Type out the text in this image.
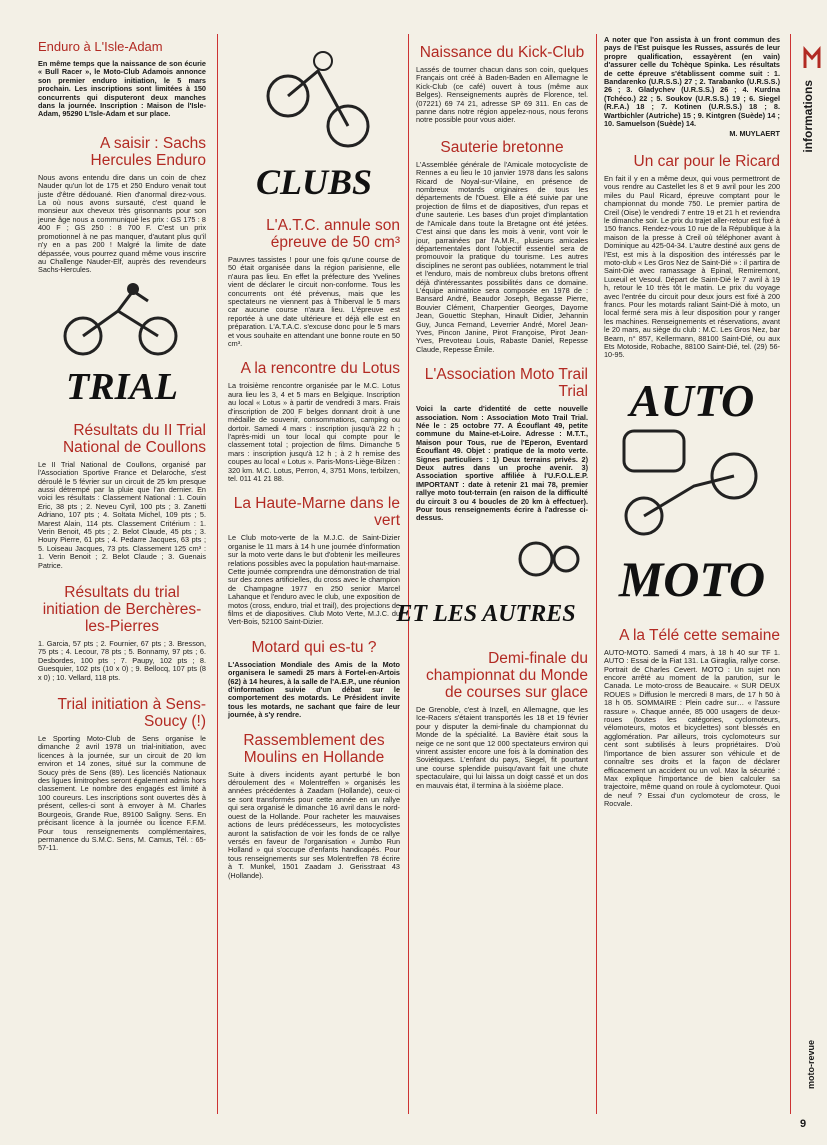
Enduro à L'Isle-Adam

En même temps que la naissance de son écurie « Bull Racer », le Moto-Club Adamois annonce son premier enduro initiation, le 5 mars prochain. Les inscriptions sont limitées à 150 concurrents qui disputeront deux manches dans la journée. Inscription : Maison de l'Isle-Adam, 95290 L'Isle-Adam et sur place.

A saisir : Sachs Hercules Enduro

Nous avons entendu dire dans un coin de chez Nauder qu'un lot de 175 et 250 Enduro venait tout juste d'être dédouané. Rien d'anormal direz-vous. La où nous avons sursauté, c'est quand le monsieur aux cheveux très grisonnants pour son jeune âge nous a communiqué les prix : GS 175 : 8 400 F ; GS 250 : 8 700 F. C'est un prix promotionnel à ne pas manquer, d'autant plus qu'il n'y en a pas 200 ! Malgré la limite de date dépassée, vous pourrez quand même vous inscrire au Challenge Nauder-Elf, auprès des revendeurs Sachs-Hercules.

TRIAL
Résultats du II Trial National de Coullons

Le II Trial National de Coullons, organisé par l'Association Sportive France et Delaroche, s'est déroulé le 5 février sur un circuit de 25 km presque aussi détrempé par la pluie que l'an dernier. En voici les résultats : Classement National : 1. Couin Eric, 38 pts ; 2. Neveu Cyril, 100 pts ; 3. Zanetti Adriano, 107 pts ; 4. Soltata Michel, 109 pts ; 5. Marest Alain, 114 pts. Classement Critérium : 1. Verin Benoit, 45 pts ; 2. Belot Claude, 45 pts ; 3. Houry Pierre, 61 pts ; 4. Pedarre Jacques, 63 pts ; 5. Loiseau Jacques, 73 pts. Classement 125 cm³ : 1. Verin Benoit ; 2. Belot Claude ; 3. Guenais Patrice.

Résultats du trial initiation de Berchères-les-Pierres

1. Garcia, 57 pts ; 2. Fournier, 67 pts ; 3. Bresson, 75 pts ; 4. Lecour, 78 pts ; 5. Bonnamy, 97 pts ; 6. Desbordes, 100 pts ; 7. Paupy, 102 pts ; 8. Guesquier, 102 pts (10 x 0) ; 9. Bellocq, 107 pts (8 x 0) ; 10. Vellard, 118 pts.

Trial initiation à Sens-Soucy (!)

Le Sporting Moto-Club de Sens organise le dimanche 2 avril 1978 un trial-initiation, avec licences à la journée, sur un circuit de 20 km environ et 14 zones, situé sur la commune de Soucy près de Sens (89). Les licenciés Nationaux des ligues limitrophes seront également admis hors classement. Le nombre des engagés est limité à 100 coureurs. Les inscriptions sont ouvertes dès à présent, celles-ci sont à envoyer à M. Charles Bourgeois, Grande Rue, 89100 Saligny. Sens. En précisant licence à la journée ou licence F.F.M. Pour tous renseignements complémentaires, permanence du S.M.C. Sens, M. Camus, Tél. : 65-57-11.

CLUBS
L'A.T.C. annule son épreuve de 50 cm³

Pauvres tassistes ! pour une fois qu'une course de 50 était organisée dans la région parisienne, elle n'aura pas lieu. En effet la préfecture des Yvelines vient de déclarer le circuit non-conforme. Tous les concurrents ont été prévenus, mais que les spectateurs ne viennent pas à Thiberval le 5 mars car aucune course n'aura lieu. L'épreuve est reportée à une date ultérieure et déjà elle est en préparation. L'A.T.A.C. s'excuse donc pour le 5 mars et vous souhaite en attendant une bonne route en 50 cm³.

A la rencontre du Lotus

La troisième rencontre organisée par le M.C. Lotus aura lieu les 3, 4 et 5 mars en Belgique. Inscription au local « Lotus » à partir de vendredi 3 mars. Frais d'inscription de 200 F belges donnant droit à une médaille de souvenir, consommations, camping ou dortoir. Samedi 4 mars : inscription jusqu'à 22 h ; l'après-midi un tour local qui compte pour le classement total ; projection de films. Dimanche 5 mars : inscription jusqu'à 12 h ; à 2 h remise des coupes au local « Lotus ». Paris-Mons-Liège-Bilzen : 320 km. M.C. Lotus, Perron, 4, 3751 Mons, terbilzen, tel. 011 41 21 88.

La Haute-Marne dans le vert

Le Club moto-verte de la M.J.C. de Saint-Dizier organise le 11 mars à 14 h une journée d'information sur la moto verte dans le but d'obtenir les meilleures relations possibles avec la population haut-marnaise. Cette journée comprendra une démonstration de trial sur des zones artificielles, du cross avec le champion de Champagne 1977 en 250 senior Marcel Lahanque et l'enduro avec le club, une exposition de motos (cross, enduro, trial et trail), des projections de films et de diapositives. Club Moto Verte, M.J.C. du Vert-Bois, 52100 Saint-Dizier.

Motard qui es-tu ?

L'Association Mondiale des Amis de la Moto organisera le samedi 25 mars à Fortel-en-Artois (62) à 14 heures, à la salle de l'A.E.P., une réunion d'information suivie d'un débat sur le comportement des motards. Le Président invite tous les motards, ne sachant que faire de leur journée, à s'y rendre.

Rassemblement des Moulins en Hollande

Suite à divers incidents ayant perturbé le bon déroulement des « Molentreffen » organisés les années précédentes à Zaadam (Hollande), ceux-ci se sont transformés pour cette année en un rallye qui sera organisé le dimanche 16 avril dans le nord-ouest de la Hollande. Pour racheter les mauvaises actions de leurs prédécesseurs, les motocyclistes auront la satisfaction de voir les fonds de ce rallye versés en faveur de l'organisation « Jumbo Run Holland » qui s'occupe d'enfants handicapés. Pour tous renseignements sur ses Molentreffen 78 écrire à T. Munkel, 1501 Zaadam J. Gerisstraat 43 (Hollande).

Naissance du Kick-Club

Lassés de tourner chacun dans son coin, quelques Français ont créé à Baden-Baden en Allemagne le Kick-Club (ce café) ouvert à tous (même aux Belges). Renseignements auprès de Florence, tel. (07221) 69 74 21, adresse SP 69 311. En cas de panne dans notre région appelez-nous, nous ferons notre possible pour vous aider.

Sauterie bretonne

L'Assemblée générale de l'Amicale motocycliste de Rennes a eu lieu le 10 janvier 1978 dans les salons Ricard de Noyal-sur-Vilaine, en présence de nombreux motards originaires de tous les départements de l'Ouest. Elle a été suivie par une projection de films et de diapositives, d'un repas et d'une sauterie. Les bases d'un projet d'implantation de l'Amicale dans toute la Bretagne ont été jetées. C'est ainsi que dans les mois à venir, vont voir le jour, parrainées par l'A.M.R., plusieurs amicales départementales dont l'objectif essentiel sera de promouvoir la pratique du tourisme. Les autres disciplines ne seront pas oubliées, notamment le trial et l'enduro, mais de nombreux clubs bretons offrent déjà d'intéressantes possibilités dans ce domaine. L'équipe animatrice sera composée en 1978 de : Bansard André, Beaudor Joseph, Begasse Pierre, Bouvier Clément, Charpentier Georges, Dayorne Jean, Gouettic Stephan, Hinault Didier, Jehannin Guy, Junca Fernand, Leverrier André, Morel Jean-Yves, Pincon Janine, Pirot Françoise, Pirot Jean-Yves, Prevoteau Louis, Rabaste Daniel, Repesse Claude, Repesse Émile.

L'Association Moto Trail Trial

Voici la carte d'identité de cette nouvelle association. Nom : Association Moto Trail Trial. Née le : 25 octobre 77. A Écouflant 49, petite commune du Maine-et-Loire. Adresse : M.T.T., Maison pour Tous, rue de l'Eperon, Eventard Écouflant 49. Objet : pratique de la moto verte. Signes particuliers : 1) Deux terrains privés. 2) Deux autres dans un proche avenir. 3) Association sportive affiliée à l'U.F.O.L.E.P. IMPORTANT : date à retenir 21 mai 78, premier rallye moto tout-terrain (en raison de la difficulté du circuit 3 ou 4 boucles de 20 km à effectuer). Pour tous renseignements écrire à l'adresse ci-dessus.

ET LES AUTRES
Demi-finale du championnat du Monde de courses sur glace

De Grenoble, c'est à Inzell, en Allemagne, que les Ice-Racers s'étaient transportés les 18 et 19 février pour y disputer la demi-finale du championnat du Monde de la spécialité. La Bavière était sous la neige ce ne sont que 12 000 spectateurs environ qui vinrent assister encore une fois à la domination des Soviétiques. L'enfant du pays, Siegel, fit pourtant une course splendide puisqu'avant fait une chute spectaculaire, qui lui laissa un doigt cassé et un dos en mauvais état, il termina à la sixième place.

A noter que l'on assista à un front commun des pays de l'Est puisque les Russes, assurés de leur propre qualification, essayèrent (en vain) d'assurer celle du Tchèque Spinka. Les résultats de cette épreuve s'établissent comme suit : 1. Bandarenko (U.R.S.S.) 27 ; 2. Tarabanko (U.R.S.S.) 26 ; 3. Gladychev (U.R.S.S.) 26 ; 4. Kurdna (Tchéco.) 22 ; 5. Soukov (U.R.S.S.) 19 ; 6. Siegel (R.F.A.) 18 ; 7. Kotinen (U.R.S.S.) 18 ; 8. Wartbichler (Autriche) 15 ; 9. Kintgren (Suède) 14 ; 10. Samuelson (Suède) 14.

M. MUYLAERT

Un car pour le Ricard

En fait il y en a même deux, qui vous permettront de vous rendre au Castellet les 8 et 9 avril pour les 200 miles du Paul Ricard, épreuve comptant pour le championnat du monde 750. Le premier partira de Creil (Oise) le vendredi 7 entre 19 et 21 h et reviendra le dimanche soir. Le prix du trajet aller-retour est fixé à 150 francs. Rendez-vous 10 rue de la République à la maison de la presse à Creil où téléphoner avant à Dominique au 425-04-34. L'autre destiné aux gens de l'Est, est mis à la disposition des intéressés par le moto-club « Les Gros Nez de Saint-Dié » : il partira de Saint-Dié avec ramassage à Epinal, Remiremont, Luxeuil et Vesoul. Départ de Saint-Dié le 7 avril à 19 h, retour le 10 très tôt le matin. Le prix du voyage avec l'entrée du circuit pour deux jours est fixé à 200 francs. Pour les motards raliant Saint-Dié à moto, un local fermé sera mis à leur disposition pour y ranger les machines. Renseignements et réservations, avant le 20 mars, au siège du club : M.C. Les Gros Nez, bar Bearn, n° 857, Kellermann, 88100 Saint-Dié, ou aux Ets Motoside, Robache, 88100 Saint-Dié, tel. (29) 56-10-95.

AUTO
MOTO
A la Télé cette semaine

AUTO-MOTO. Samedi 4 mars, à 18 h 40 sur TF 1. AUTO : Essai de la Fiat 131. La Giraglia, rallye corse. Portrait de Charles Cevert. MOTO : Un sujet non encore arrêté au moment de la parution, sur le Canada. Le moto-cross de Beaucaire. « SUR DEUX ROUES » Diffusion le mercredi 8 mars, de 17 h 50 à 18 h 05. SOMMAIRE : Plein cadre sur… « l'assure rassure ». Chaque année, 85 000 usagers de deux-roues (toutes les catégories, cyclomoteurs, vélomoteurs, motos et bicyclettes) sont blessés en agglomération. Par ailleurs, trois cyclomoteurs sur cent sont subtilisés à leurs propriétaires. D'où l'importance de bien assurer son véhicule et de connaître ses droits et la façon de déclarer efficacement un accident ou un vol. Max la sécurité : Max explique l'importance de bien calculer sa trajectoire, même quand on roule à cyclomoteur. Quoi de neuf ? Essai d'un cyclomoteur de cross, le Rocvale.

informations
moto-revue
9
